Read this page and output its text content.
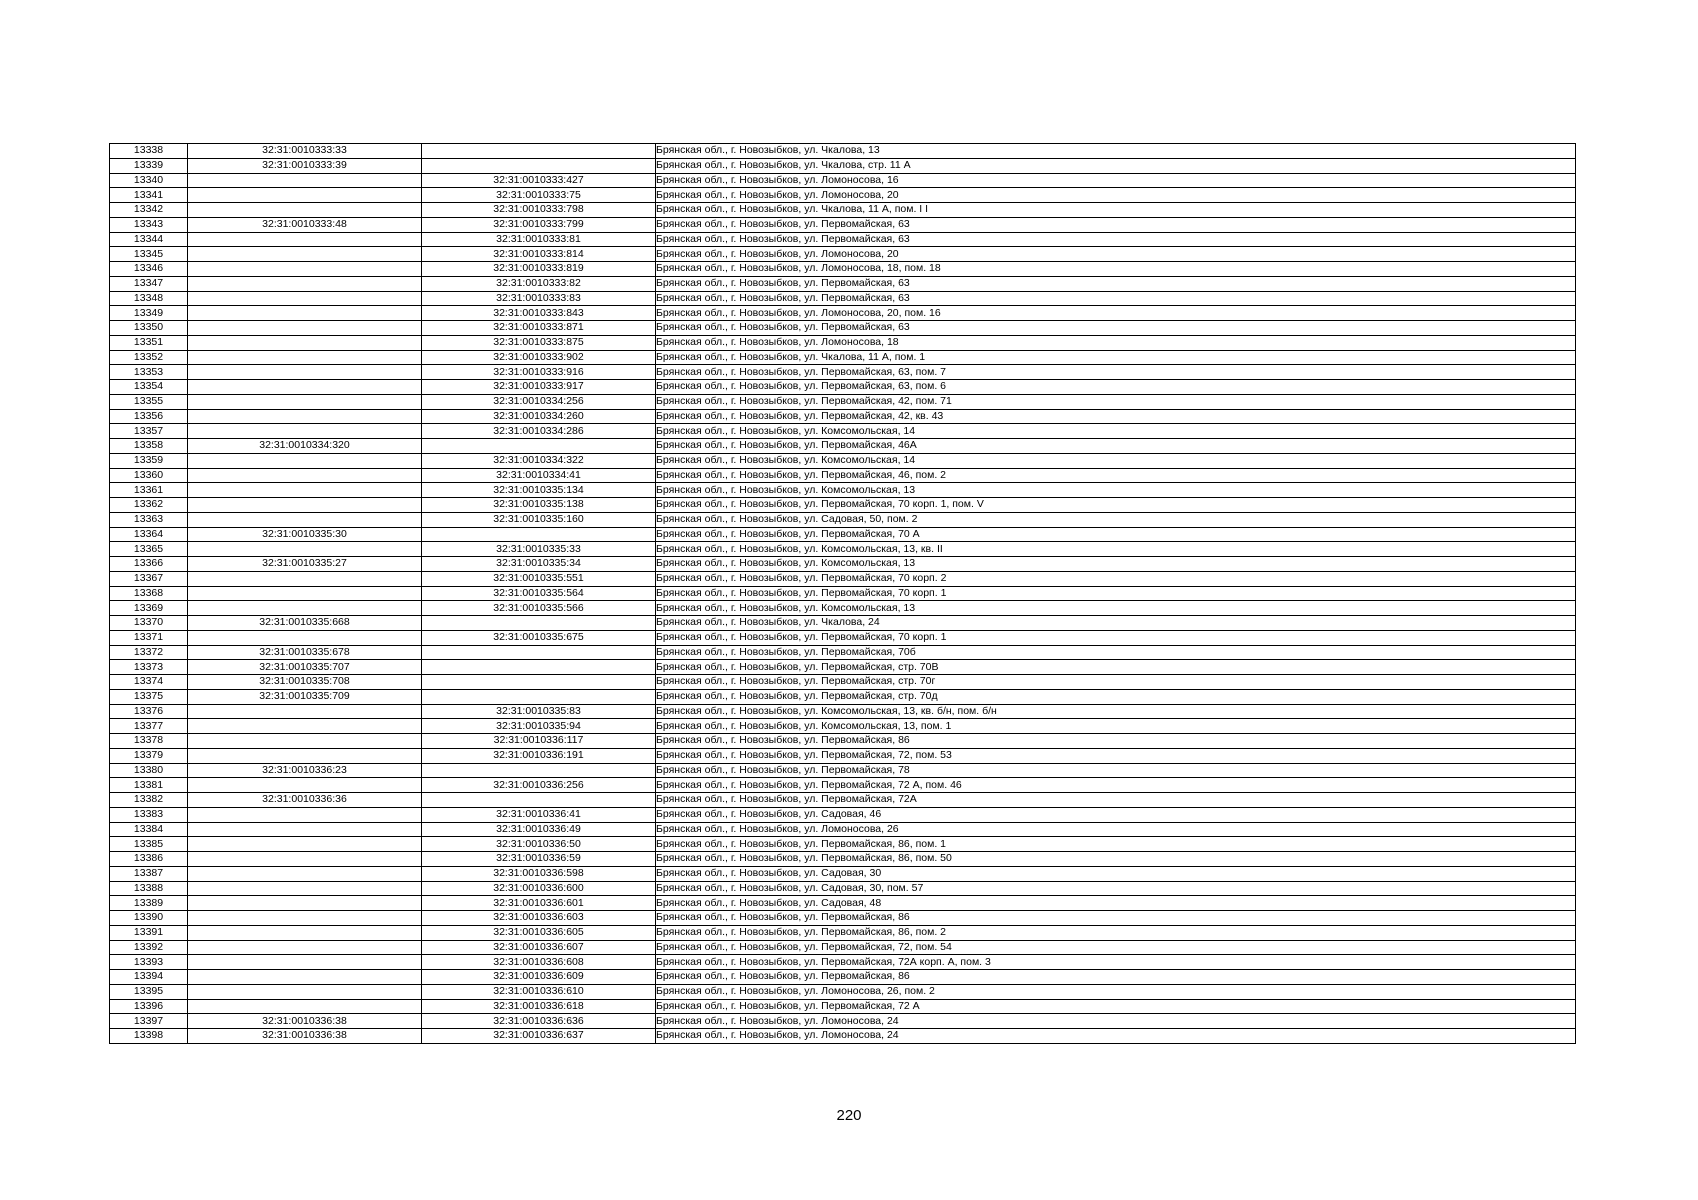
13338	32:31:0010333:33		Брянская обл., г. Новозыбков, ул. Чкалова, 13
13339	32:31:0010333:39		Брянская обл., г. Новозыбков, ул. Чкалова, стр. 11 А
13340		32:31:0010333:427	Брянская обл., г. Новозыбков, ул. Ломоносова, 16
13341		32:31:0010333:75	Брянская обл., г. Новозыбков, ул. Ломоносова, 20
13342		32:31:0010333:798	Брянская обл., г. Новозыбков, ул. Чкалова, 11 А, пом. I I
13343	32:31:0010333:48	32:31:0010333:799	Брянская обл., г. Новозыбков, ул. Первомайская, 63
13344		32:31:0010333:81	Брянская обл., г. Новозыбков, ул. Первомайская, 63
13345		32:31:0010333:814	Брянская обл., г. Новозыбков, ул. Ломоносова, 20
13346		32:31:0010333:819	Брянская обл., г. Новозыбков, ул. Ломоносова, 18, пом. 18
13347		32:31:0010333:82	Брянская обл., г. Новозыбков, ул. Первомайская, 63
13348		32:31:0010333:83	Брянская обл., г. Новозыбков, ул. Первомайская, 63
13349		32:31:0010333:843	Брянская обл., г. Новозыбков, ул. Ломоносова, 20, пом. 16
13350		32:31:0010333:871	Брянская обл., г. Новозыбков, ул. Первомайская, 63
13351		32:31:0010333:875	Брянская обл., г. Новозыбков, ул. Ломоносова, 18
13352		32:31:0010333:902	Брянская обл., г. Новозыбков, ул. Чкалова, 11 А, пом. 1
13353		32:31:0010333:916	Брянская обл., г. Новозыбков, ул. Первомайская, 63, пом. 7
13354		32:31:0010333:917	Брянская обл., г. Новозыбков, ул. Первомайская, 63, пом. 6
13355		32:31:0010334:256	Брянская обл., г. Новозыбков, ул. Первомайская, 42, пом. 71
13356		32:31:0010334:260	Брянская обл., г. Новозыбков, ул. Первомайская, 42, кв. 43
13357		32:31:0010334:286	Брянская обл., г. Новозыбков, ул. Комсомольская, 14
13358	32:31:0010334:320		Брянская обл., г. Новозыбков, ул. Первомайская, 46А
13359		32:31:0010334:322	Брянская обл., г. Новозыбков, ул. Комсомольская, 14
13360		32:31:0010334:41	Брянская обл., г. Новозыбков, ул. Первомайская, 46, пом. 2
13361		32:31:0010335:134	Брянская обл., г. Новозыбков, ул. Комсомольская, 13
13362		32:31:0010335:138	Брянская обл., г. Новозыбков, ул. Первомайская, 70 корп. 1, пом. V
13363		32:31:0010335:160	Брянская обл., г. Новозыбков, ул. Садовая, 50, пом. 2
13364	32:31:0010335:30		Брянская обл., г. Новозыбков, ул. Первомайская, 70 А
13365		32:31:0010335:33	Брянская обл., г. Новозыбков, ул. Комсомольская, 13, кв. II
13366	32:31:0010335:27	32:31:0010335:34	Брянская обл., г. Новозыбков, ул. Комсомольская, 13
13367		32:31:0010335:551	Брянская обл., г. Новозыбков, ул. Первомайская, 70 корп. 2
13368		32:31:0010335:564	Брянская обл., г. Новозыбков, ул. Первомайская, 70 корп. 1
13369		32:31:0010335:566	Брянская обл., г. Новозыбков, ул. Комсомольская, 13
13370	32:31:0010335:668		Брянская обл., г. Новозыбков, ул. Чкалова, 24
13371		32:31:0010335:675	Брянская обл., г. Новозыбков, ул. Первомайская, 70 корп. 1
13372	32:31:0010335:678		Брянская обл., г. Новозыбков, ул. Первомайская, 70б
13373	32:31:0010335:707		Брянская обл., г. Новозыбков, ул. Первомайская, стр. 70В
13374	32:31:0010335:708		Брянская обл., г. Новозыбков, ул. Первомайская, стр. 70г
13375	32:31:0010335:709		Брянская обл., г. Новозыбков, ул. Первомайская, стр. 70д
13376		32:31:0010335:83	Брянская обл., г. Новозыбков, ул. Комсомольская, 13, кв. б/н, пом. б/н
13377		32:31:0010335:94	Брянская обл., г. Новозыбков, ул. Комсомольская, 13, пом. 1
13378		32:31:0010336:117	Брянская обл., г. Новозыбков, ул. Первомайская, 86
13379		32:31:0010336:191	Брянская обл., г. Новозыбков, ул. Первомайская, 72, пом. 53
13380	32:31:0010336:23		Брянская обл., г. Новозыбков, ул. Первомайская, 78
13381		32:31:0010336:256	Брянская обл., г. Новозыбков, ул. Первомайская, 72 А, пом. 46
13382	32:31:0010336:36		Брянская обл., г. Новозыбков, ул. Первомайская, 72А
13383		32:31:0010336:41	Брянская обл., г. Новозыбков, ул. Садовая, 46
13384		32:31:0010336:49	Брянская обл., г. Новозыбков, ул. Ломоносова, 26
13385		32:31:0010336:50	Брянская обл., г. Новозыбков, ул. Первомайская, 86, пом. 1
13386		32:31:0010336:59	Брянская обл., г. Новозыбков, ул. Первомайская, 86, пом. 50
13387		32:31:0010336:598	Брянская обл., г. Новозыбков, ул. Садовая, 30
13388		32:31:0010336:600	Брянская обл., г. Новозыбков, ул. Садовая, 30, пом. 57
13389		32:31:0010336:601	Брянская обл., г. Новозыбков, ул. Садовая, 48
13390		32:31:0010336:603	Брянская обл., г. Новозыбков, ул. Первомайская, 86
13391		32:31:0010336:605	Брянская обл., г. Новозыбков, ул. Первомайская, 86, пом. 2
13392		32:31:0010336:607	Брянская обл., г. Новозыбков, ул. Первомайская, 72, пом. 54
13393		32:31:0010336:608	Брянская обл., г. Новозыбков, ул. Первомайская, 72А корп. А, пом. 3
13394		32:31:0010336:609	Брянская обл., г. Новозыбков, ул. Первомайская, 86
13395		32:31:0010336:610	Брянская обл., г. Новозыбков, ул. Ломоносова, 26, пом. 2
13396		32:31:0010336:618	Брянская обл., г. Новозыбков, ул. Первомайская, 72 А
13397	32:31:0010336:38	32:31:0010336:636	Брянская обл., г. Новозыбков, ул. Ломоносова, 24
13398	32:31:0010336:38	32:31:0010336:637	Брянская обл., г. Новозыбков, ул. Ломоносова, 24
220
